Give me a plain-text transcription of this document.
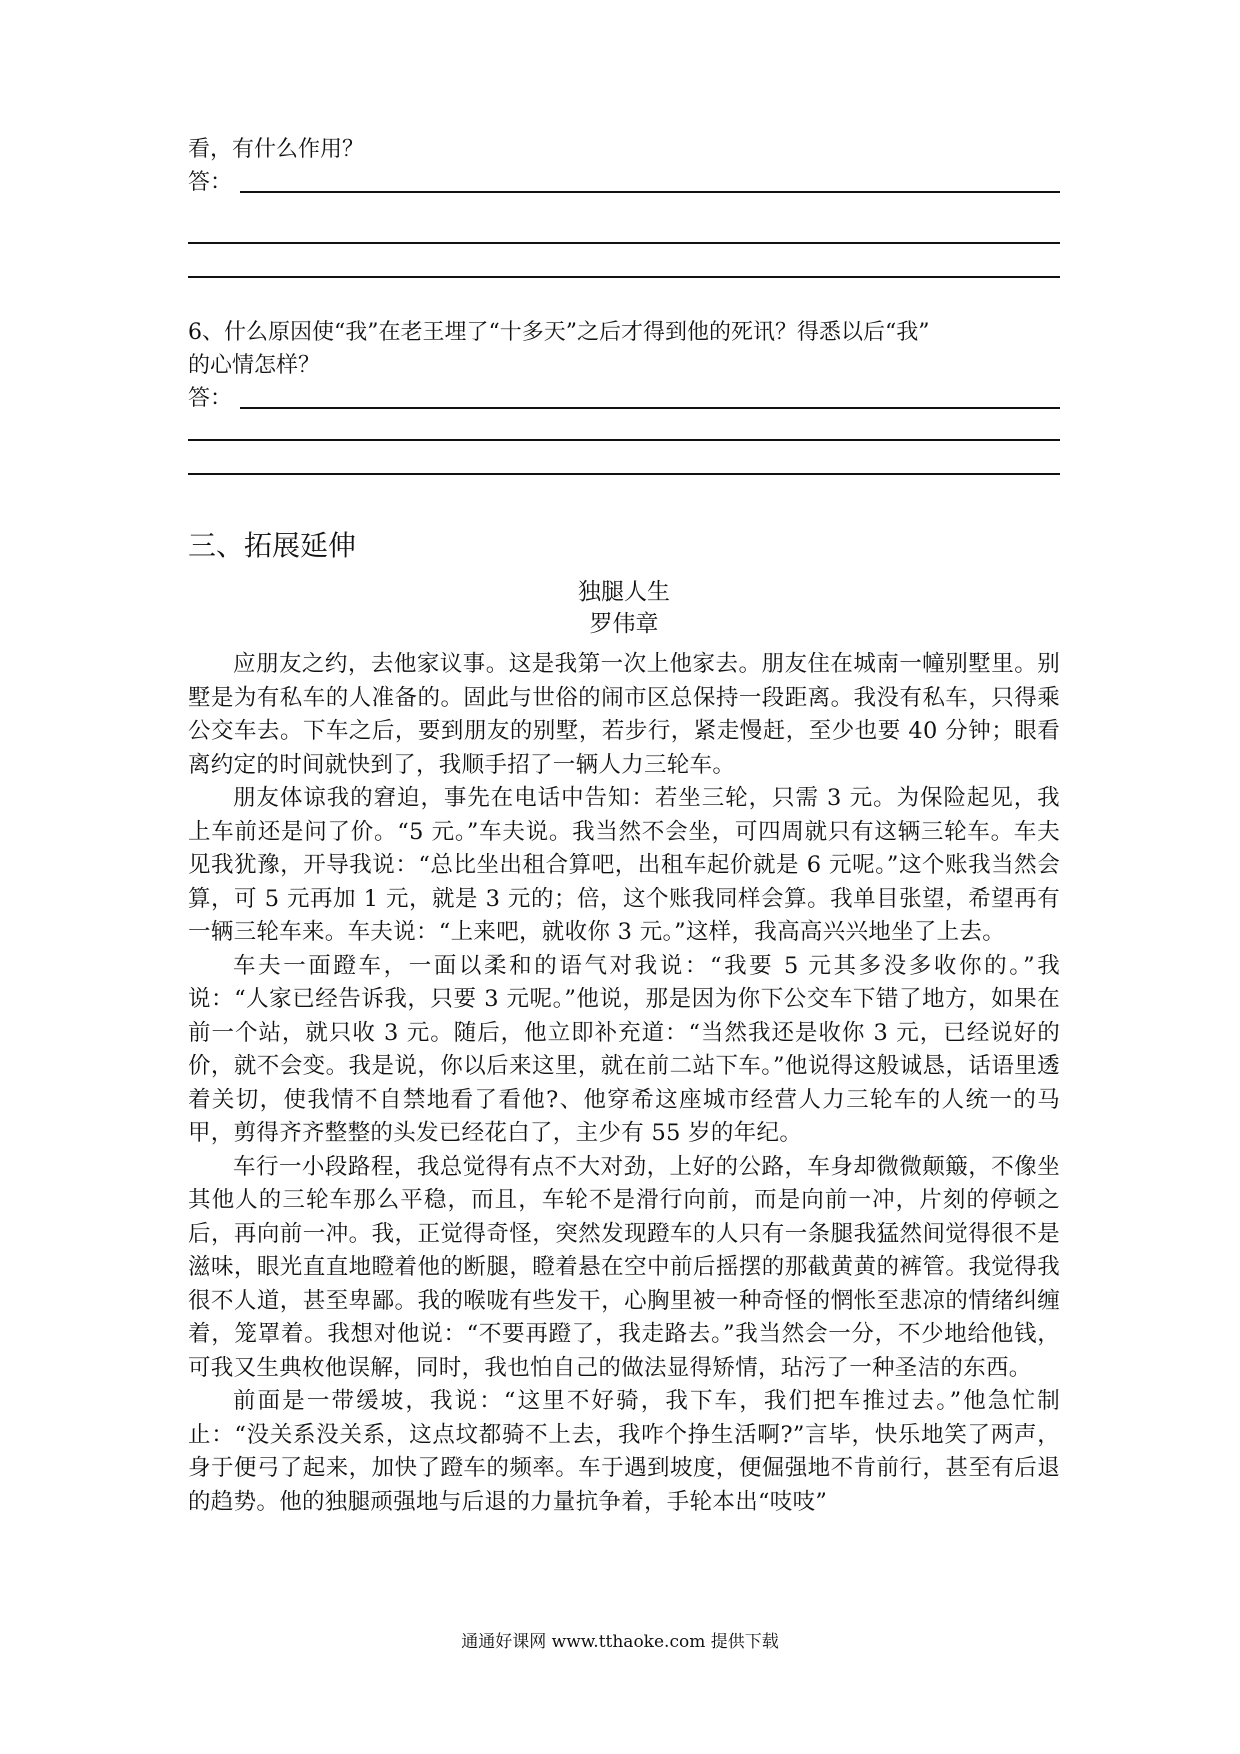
看，有什么作用？
答：
6、什么原因使“我”在老王埋了“十多天”之后才得到他的死讯？得悉以后“我”
的心情怎样？
答：
三、拓展延伸
独腿人生
罗伟章

应朋友之约，去他家议事。这是我第一次上他家去。朋友住在城南一幢别墅里。别墅是为有私车的人准备的。固此与世俗的闹市区总保持一段距离。我没有私车，只得乘公交车去。下车之后，要到朋友的别墅，若步行，紧走慢赶，至少也要 40 分钟；眼看离约定的时间就快到了，我顺手招了一辆人力三轮车。

朋友体谅我的窘迫，事先在电话中告知：若坐三轮，只需 3 元。为保险起见，我上车前还是问了价。“5 元。”车夫说。我当然不会坐，可四周就只有这辆三轮车。车夫见我犹豫，开导我说：“总比坐出租合算吧，出租车起价就是 6 元呢。”这个账我当然会算，可 5 元再加 1 元，就是 3 元的；倍，这个账我同样会算。我单目张望，希望再有一辆三轮车来。车夫说：“上来吧，就收你 3 元。”这样，我高高兴兴地坐了上去。

车夫一面蹬车，一面以柔和的语气对我说：“我要 5 元其多没多收你的。”我说：“人家已经告诉我，只要 3 元呢。”他说，那是因为你下公交车下错了地方，如果在前一个站，就只收 3 元。随后，他立即补充道：“当然我还是收你 3 元，已经说好的价，就不会变。我是说，你以后来这里，就在前二站下车。”他说得这般诚恳，话语里透着关切，使我情不自禁地看了看他?、他穿希这座城市经营人力三轮车的人统一的马甲，剪得齐齐整整的头发已经花白了，主少有 55 岁的年纪。

车行一小段路程，我总觉得有点不大对劲，上好的公路，车身却微微颠簸，不像坐其他人的三轮车那么平稳，而且，车轮不是滑行向前，而是向前一冲，片刻的停顿之后，再向前一冲。我，正觉得奇怪，突然发现蹬车的人只有一条腿我猛然间觉得很不是滋味，眼光直直地瞪着他的断腿，瞪着悬在空中前后摇摆的那截黄黄的裤管。我觉得我很不人道，甚至卑鄙。我的喉咙有些发干，心胸里被一种奇怪的惘怅至悲凉的情绪纠缠着，笼罩着。我想对他说：“不要再蹬了，我走路去。”我当然会一分，不少地给他钱，可我又生典枚他误解，同时，我也怕自己的做法显得矫情，玷污了一种圣洁的东西。

前面是一带缓坡，我说：“这里不好骑，我下车，我们把车推过去。”他急忙制止：“没关系没关系，这点坟都骑不上去，我咋个挣生活啊?”言毕，快乐地笑了两声，身于便弓了起来，加快了蹬车的频率。车于遇到坡度，便倔强地不肯前行，甚至有后退的趋势。他的独腿顽强地与后退的力量抗争着，手轮本出“吱吱”

通通好课网 www.tthaoke.com 提供下载
